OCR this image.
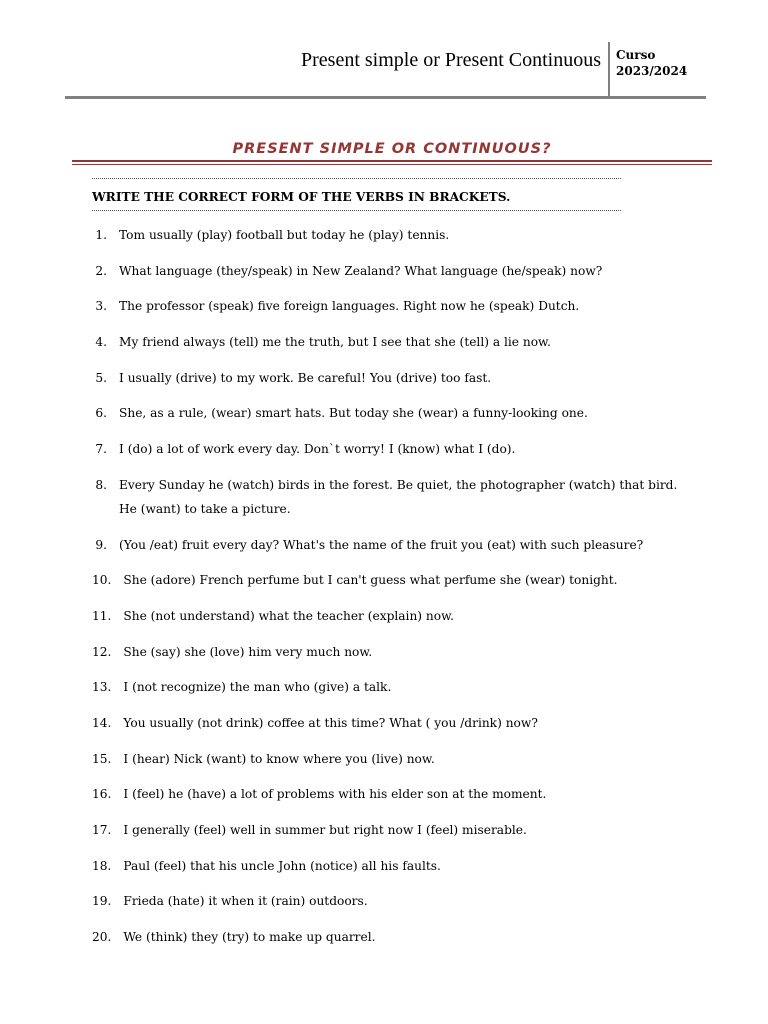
Present simple or Present Continuous Curso
2023/2024
PRESENT SIMPLE OR CONTINUOUS?
WRITE THE CORRECT FORM OF THE VERBS IN BRACKETS.
1. Tom usually (play) football but today he (play) tennis.
2. What language (they/speak) in New Zealand? What language (he/speak) now?
3. The professor (speak) five foreign languages. Right now he (speak) Dutch.
4. My friend always (tell) me the truth, but I see that she (tell) a lie now.
5. I usually (drive) to my work. Be careful! You (drive) too fast.
6. She, as a rule, (wear) smart hats. But today she (wear) a funny-looking one.
7. I (do) a lot of work every day. Don`t worry! I (know) what I (do).
8. Every Sunday he (watch) birds in the forest. Be quiet, the photographer (watch) that bird. He (want) to take a picture.
9. (You /eat) fruit every day? What's the name of the fruit you (eat) with such pleasure?
10. She (adore) French perfume but I can't guess what perfume she (wear) tonight.
11. She (not understand) what the teacher (explain) now.
12. She (say) she (love) him very much now.
13. I (not recognize) the man who (give) a talk.
14. You usually (not drink) coffee at this time? What ( you /drink) now?
15. I (hear) Nick (want) to know where you (live) now.
16. I (feel) he (have) a lot of problems with his elder son at the moment.
17. I generally (feel) well in summer but right now I (feel) miserable.
18. Paul (feel) that his uncle John (notice) all his faults.
19. Frieda (hate) it when it (rain) outdoors.
20. We (think) they (try) to make up quarrel.
